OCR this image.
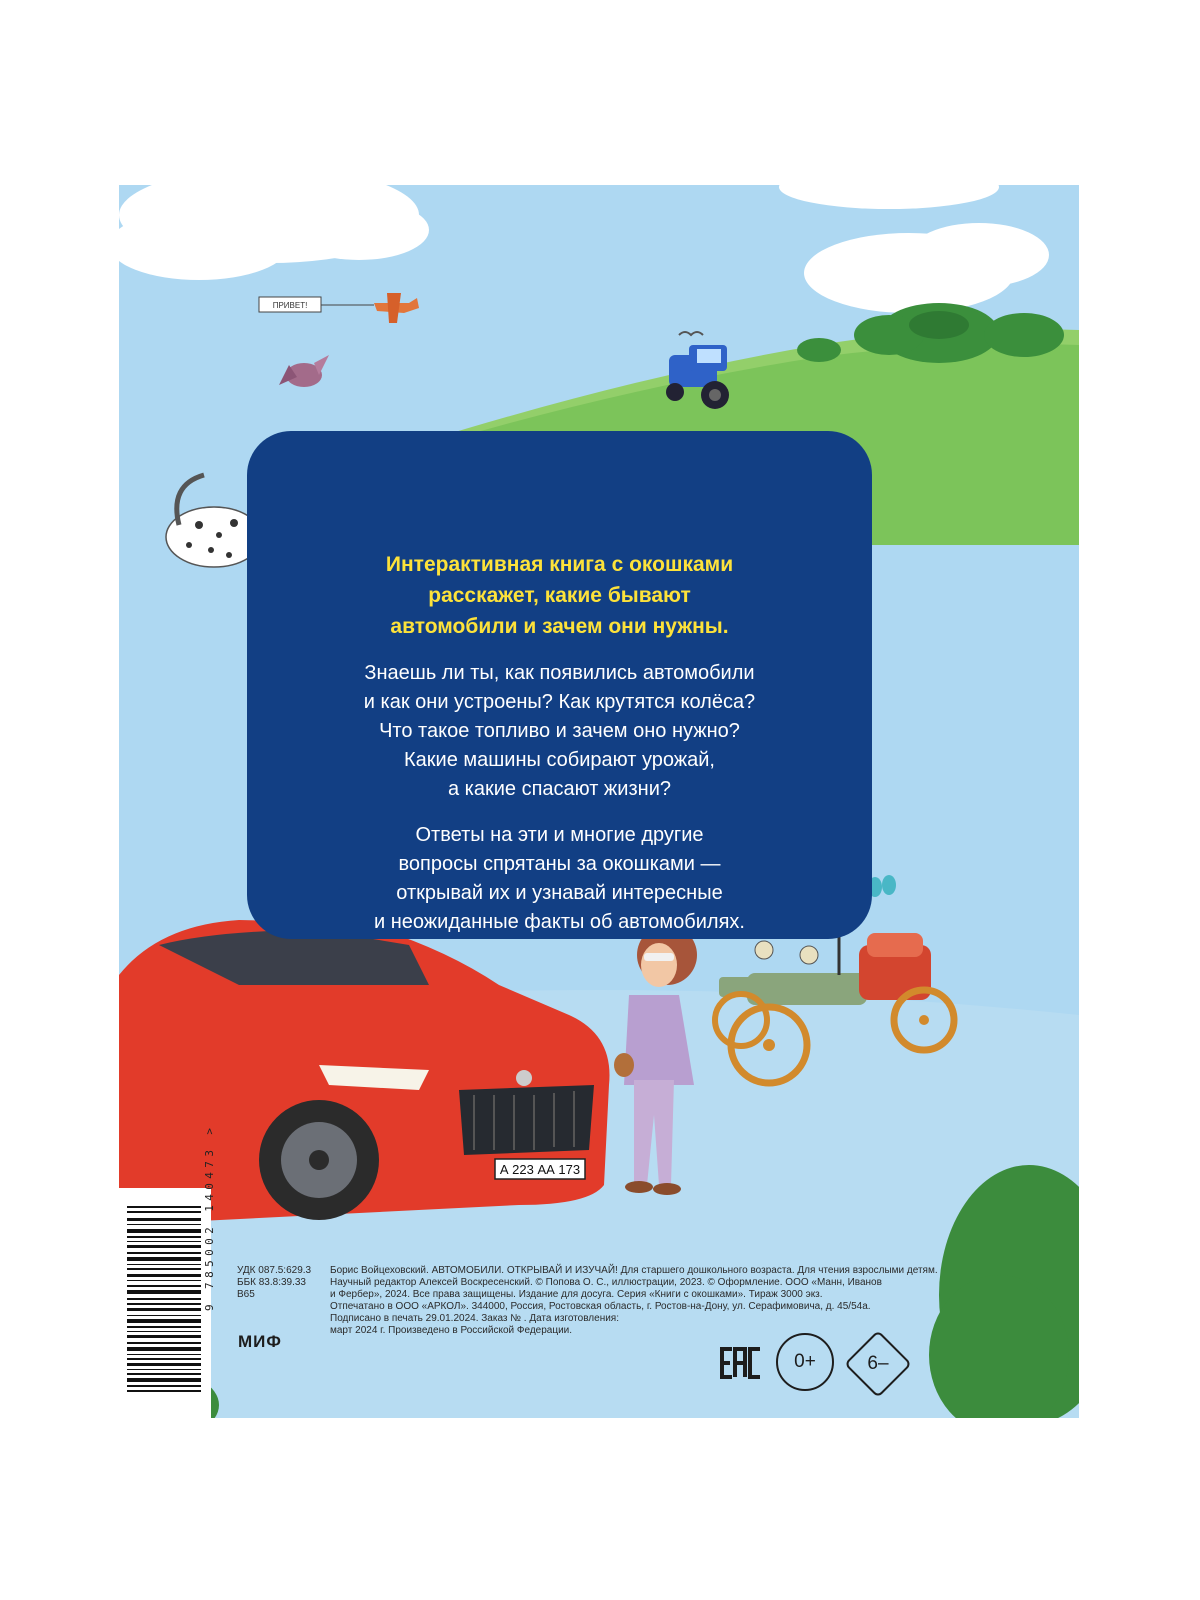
ПРИВЕТ!
А 223 АА 173
Интерактивная книга с окошками
расскажет, какие бывают
автомобили и зачем они нужны.
Знаешь ли ты, как появились автомобили
и как они устроены? Как крутятся колёса?
Что такое топливо и зачем оно нужно?
Какие машины собирают урожай,
а какие спасают жизни?
Ответы на эти и многие другие
вопросы спрятаны за окошками —
открывай их и узнавай интересные
и неожиданные факты об автомобилях.
9 785002 140473 > УДК 087.5:629.3
ББК 83.8:39.33
В65
Борис Войцеховский. АВТОМОБИЛИ. ОТКРЫВАЙ И ИЗУЧАЙ! Для старшего дошкольного возраста. Для чтения взрослыми детям.
Научный редактор Алексей Воскресенский. © Попова О. С., иллюстрации, 2023. © Оформление. ООО «Манн, Иванов
и Фербер», 2024. Все права защищены. Издание для досуга. Серия «Книги с окошками». Тираж 3000 экз.
Отпечатано в ООО «АРКОЛ». 344000, Россия, Ростовская область, г. Ростов-на-Дону, ул. Серафимовича, д. 45/54а.
Подписано в печать 29.01.2024. Заказ № . Дата изготовления:
март 2024 г. Произведено в Российской Федерации.
МИФ
EAC	0+	6–
